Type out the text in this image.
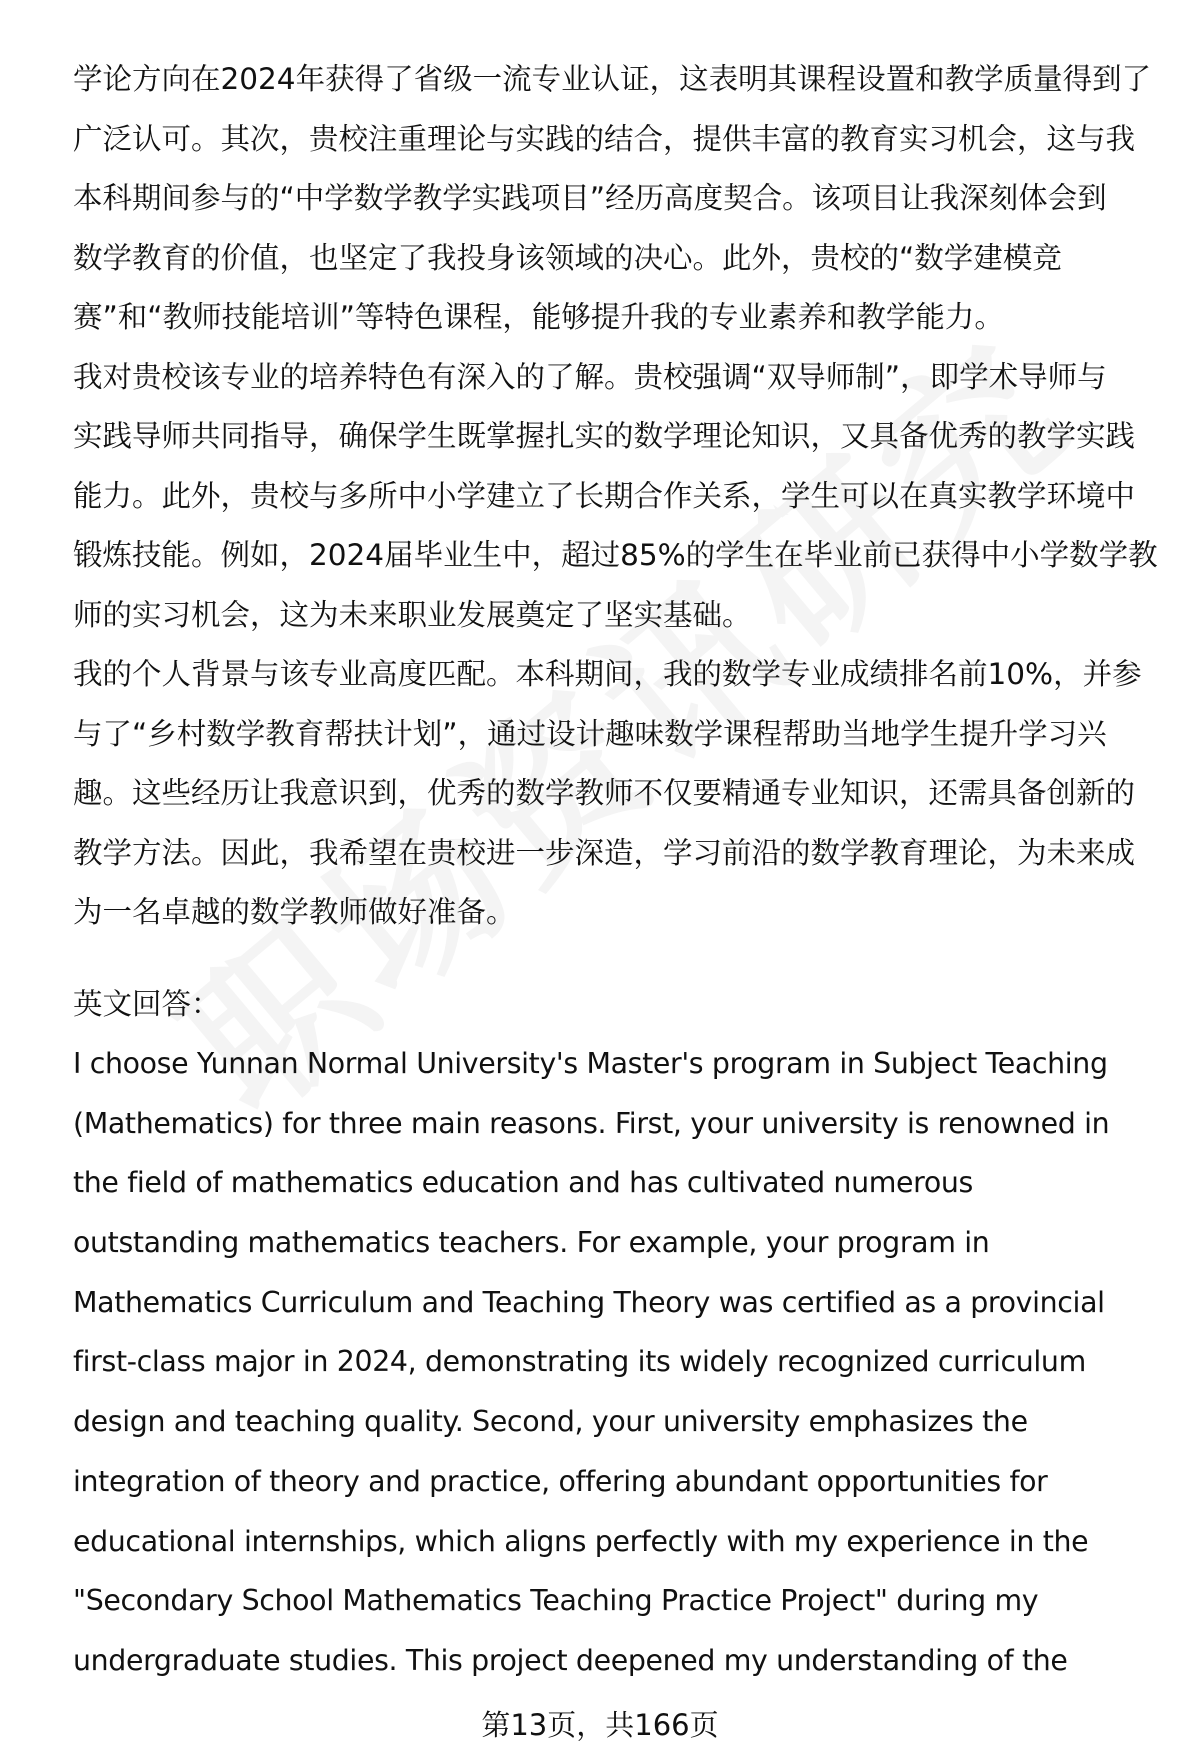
学论方向在2024年获得了省级一流专业认证，这表明其课程设置和教学质量得到了
广泛认可。其次，贵校注重理论与实践的结合，提供丰富的教育实习机会，这与我
本科期间参与的“中学数学教学实践项目”经历高度契合。该项目让我深刻体会到
数学教育的价值，也坚定了我投身该领域的决心。此外，贵校的“数学建模竞
赛”和“教师技能培训”等特色课程，能够提升我的专业素养和教学能力。
我对贵校该专业的培养特色有深入的了解。贵校强调“双导师制”，即学术导师与
实践导师共同指导，确保学生既掌握扎实的数学理论知识，又具备优秀的教学实践
能力。此外，贵校与多所中小学建立了长期合作关系，学生可以在真实教学环境中
锻炼技能。例如，2024届毕业生中，超过85%的学生在毕业前已获得中小学数学教
师的实习机会，这为未来职业发展奠定了坚实基础。
我的个人背景与该专业高度匹配。本科期间，我的数学专业成绩排名前10%，并参
与了“乡村数学教育帮扶计划”，通过设计趣味数学课程帮助当地学生提升学习兴
趣。这些经历让我意识到，优秀的数学教师不仅要精通专业知识，还需具备创新的
教学方法。因此，我希望在贵校进一步深造，学习前沿的数学教育理论，为未来成
为一名卓越的数学教师做好准备。
英文回答：
I choose Yunnan Normal University's Master's program in Subject Teaching
(Mathematics) for three main reasons. First, your university is renowned in
the field of mathematics education and has cultivated numerous
outstanding mathematics teachers. For example, your program in
Mathematics Curriculum and Teaching Theory was certified as a provincial
first-class major in 2024, demonstrating its widely recognized curriculum
design and teaching quality. Second, your university emphasizes the
integration of theory and practice, offering abundant opportunities for
educational internships, which aligns perfectly with my experience in the
"Secondary School Mathematics Teaching Practice Project" during my
undergraduate studies. This project deepened my understanding of the
第13页，共166页
